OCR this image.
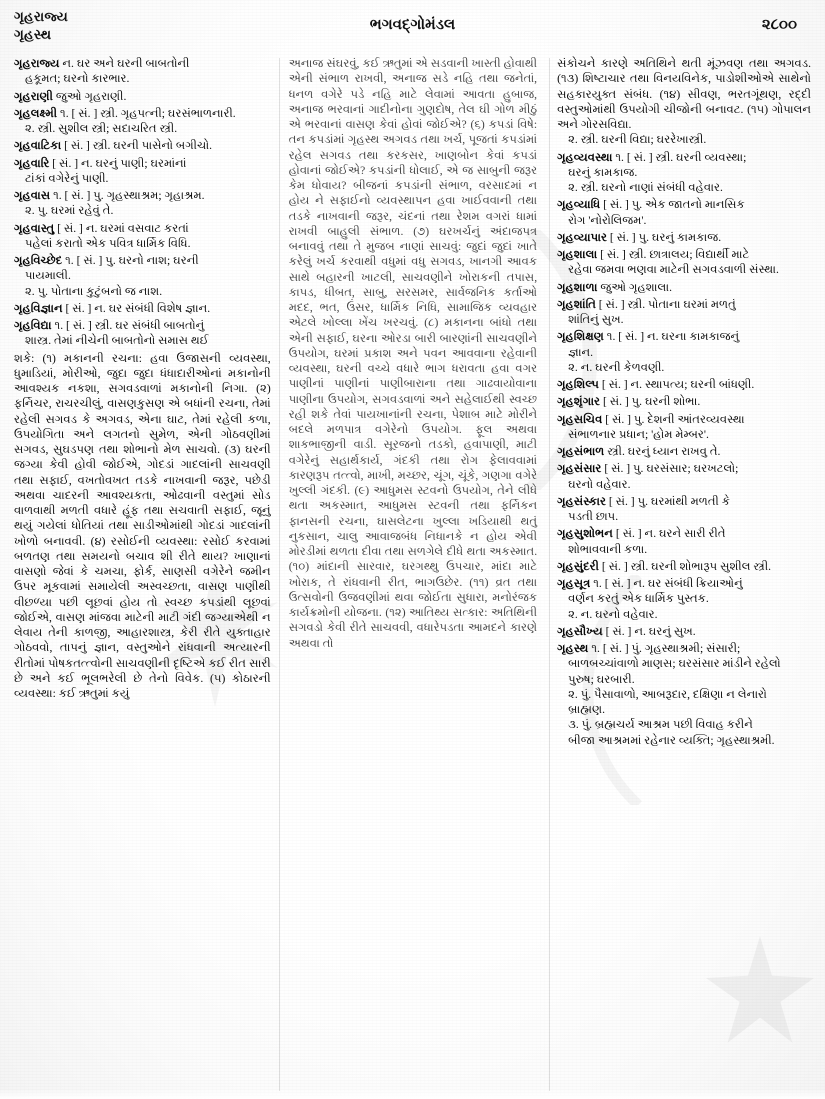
ગૃહરાજ્ય
ગૃહસ્થ
ભગવદ્ગોમંડલ	૨૮૦૦

ગૃહરાજ્ય ન. ઘર અને ઘરની બાબતોની

હકૂમત; ઘરનો કારભાર.

ગૃહરાણી જુઓ ગૃહરાણી.

ગૃહલક્ષ્મી ૧. [ સં. ] સ્ત્રી. ગૃહપત્ની; ઘરસંભાળનારી.

૨. સ્ત્રી. સુશીલ સ્ત્રી; સદાચરિત સ્ત્રી.

ગૃહવાટિકા [ સં. ] સ્ત્રી. ઘરની પાસેનો બગીચો.

ગૃહવારિ [ સં. ] ન. ઘરનું પાણી; ઘરમાંનાં

ટાંકાં વગેરેનું પાણી.

ગૃહવાસ ૧. [ સં. ] પુ. ગૃહસ્થાશ્રમ; ગૃહાશ્રમ.

૨. પુ. ઘરમાં રહેવું તે.

ગૃહવાસ્તુ [ સં. ] ન. ઘરમાં વસવાટ કરતાં

પહેલાં કરાતો એક પવિત્ર ધાર્મિક વિધિ.

ગૃહવિચ્છેદ ૧. [ સં. ] પુ. ઘરનો નાશ; ઘરની

પાયમાલી.

૨. પુ. પોતાના કુટુંબનો જ નાશ.

ગૃહવિજ્ઞાન [ સં. ] ન. ઘર સંબંધી વિશેષ જ્ઞાન.

ગૃહવિદ્યા ૧. [ સં. ] સ્ત્રી. ઘર સંબંધી બાબતોનું

શાસ્ત્ર. તેમાં નીચેની બાબતોનો સમાસ થઈ

શકે: (૧) મકાનની રચના: હવા ઉજાસની વ્યવસ્થા, ધુમાડિયાં, મોરીઓ, જુદા જુદા ધંધાદારીઓનાં મકાનોની આવશ્યક નકશા, સગવડવાળાં મકાનોની નિગા. (૨) ફર્નિચર, રાચરચીલું, વાસણકુસણ એ બધાંની રચના, તેમાં રહેલી સગવડ કે અગવડ, એના ઘાટ, તેમાં રહેલી કળા, ઉપયોગિતા અને લગતનો સુમેળ, એની ગોઠવણીમાં સગવડ, સુઘડપણ તથા શોભાનો મેળ સાચવો. (૩) ઘરની જગ્યા કેવી હોવી જોઈએ, ગોદડાં ગાદલાંની સાચવણી તથા સફાઈ, વખતોવખત તડકે નાખવાની જરૂર, પછેડી અથવા ચાદરની આવશ્યકતા, ઓઢવાની વસ્તુમાં સોડ વાળવાથી મળતી વધારે હૂંફ તથા સચવાતી સફાઈ, જૂનું થયું ગયેલાં ધોતિયાં તથા સાડીઓમાંથી ગોદડાં ગાદલાંની ખોળો બનાવવી. (૪) રસોઈની વ્યવસ્થા: રસોઈ કરવામાં બળતણ તથા સમયનો બચાવ શી રીતે થાય? ખાણાનાં વાસણો જેવાં કે ચમચા, ફોર્ક, સાણસી વગેરેને જમીન ઉપર મૂકવામાં સમાયેલી અસ્વચ્છતા, વાસણ પાણીથી વીછળ્યા પછી લૂછવાં હોય તો સ્વચ્છ કપડાંથી લૂછવાં જોઈએ, વાસણ માંજવા માટેની માટી ગંદી જગ્યાએથી ન લેવાય તેની કાળજી, આહારશાસ્ત્ર, કેરી રીતે યુક્તાહાર ગોઠવવો, તાપનું જ્ઞાન, વસ્તુઓને રાંધવાની અત્યારની રીતોમાં પોષકતત્ત્વોની સાચવણીની દૃષ્ટિએ કઈ રીત સારી છે અને કઈ ભૂલભરેલી છે તેનો વિવેક. (૫) કોઠારની વ્યવસ્થા: કઈ ઋતુમાં કયું

અનાજ સંઘરવું, કઈ ઋતુમાં એ સડવાની ખાસ્તી હોવાથી એની સંભાળ રાખવી, અનાજ સડે નહિ તથા જનેતાં, ધનળ વગેરે પડે નહિ માટે લેવામાં આવતા હુબાજ, અનાજ ભરવાનાં ગાદીનોના ગુણદોષ, તેલ ઘી ગોળ મીઠું એ ભરવાનાં વાસણ કેવાં હોવાં જોઈએ? (૬) કપડાં વિષે: તન કપડાંમાં ગૃહસ્થ અગવડ તથા ખર્ચ, પૂજતાં કપડાંમાં રહેલ સગવડ તથા કરકસર, ખાણબોન કેવાં કપડાં હોવાનાં જોઈએ? કપડાંની ધોલાઈ, એ જ સાબુની જરૂર કેમ ધોવાય? બીજનાં કપડાંની સંભાળ, વરસાદમાં ન હોય ને સફાઈનો વ્યવસ્થાપન હવા ખાઈવવાની તથા તડકે નાખવાની જરૂર, ચંદનાં તથા રેશમ વગરાં ધામાં રાખવી બાહુલી સંભાળ. (૭) ઘરખર્ચનું અંદાજપત્ર બનાવવું તથા તે મુજબ નાણાં સાચવું: જુદાં જુદાં ખાતે કરેલું ખર્ચ કરવાથી વધુમાં વધુ સગવડ, ખાનગી આવક સાથે બહારની ખાટલી, સાચવણીને ખોરાકની તપાસ, કાપડ, ધીબત, સાબુ, સરસમર, સાર્વજનિક કર્તાઓ મદદ, ભત, ઉંસર, ધાર્મિક નિધિ, સામાજિક વ્યવહાર એટલે ખોલ્લા ખેંચ ખરચવું. (૮) મકાનના બાંધો તથા એની સફાઈ, ઘરના ઓરડા બારી બારણાંની સાચવણીને ઉપયોગ, ઘરમાં પ્રકાશ અને પવન આવવાના રહેવાની વ્યવસ્થા, ઘરની વચ્ચે વધારે ભાગ ધરાવતા હવા વગર પાણીનાં પાણીનાં પાણીબારાના તથા ગાઢવાયોવાના પાણીના ઉપયોગ, સગવડવાળાં અને સહેલાઈથી સ્વચ્છ રહી શકે તેવાં પાયખાનાંની રચના, પેશાબ માટે મોરીને બદલે મળપાત્ર વગેરેનો ઉપયોગ. ફૂલ અથવા શાકભાજીની વાડી. સૂરજનો તડકો, હવાપાણી, માટી વગેરેનું સહાર્થકાર્ય, ગંદકી તથા રોગ ફેલાવવામાં કારણરૂપ તત્ત્વો, માખી, મચ્છર, ચૂંગ, ચૂંકે, ગણગા વગેરે ખુલ્લી ગંદકી. (૯) આધુમસ સ્ટવનો ઉપયોગ, તેને લીધે થતા અકસ્માત, આધુમસ સ્ટવની તથા ફર્નિકન ફાનસની રચના, ઘાસલેટના ખુલ્લા ખડિયાથી થતું નુકસાન, ચાલુ આવાજબંધ નિધાનકે ન હોય એવી મોરડીમાં થળતા દીવા તથા સળગેલે દીધે થતા અકસ્માત. (૧૦) માંદાની સારવાર, ઘરગથ્થુ ઉપચાર, માંદા માટે ખોરાક, તે રાંધવાની રીત, ભાગઉછેર. (૧૧) વ્રત તથા ઉત્સવોની ઉજવણીમાં થવા જોઈતા સુધારા, મનોરંજક કાર્યક્રમોની યોજના. (૧૨) આતિથ્ય સત્કાર: અતિથિની સગવડો કેવી રીતે સાચવવી, વધારેપડતા આમદને કારણે અથવા તો

સંકોચને કારણે અતિથિને થતી મૂંઝવણ તથા અગવડ. (૧૩) શિષ્ટાચાર તથા વિનયવિનેક, પાડોશીઓએ સાથેનો સહકારયુક્ત સંબંધ. (૧૪) સીવણ, ભરતગૂંથણ, રદ્દી વસ્તુઓમાંથી ઉપયોગી ચીજોની બનાવટ. (૧૫) ગોપાલન અને ગોરસવિદ્યા.

૨. સ્ત્રી. ઘરની વિદ્યા; ઘરરેખાસ્ત્રી.

ગૃહવ્યવસ્થા ૧. [ સં. ] સ્ત્રી. ઘરની વ્યવસ્થા;

ઘરનું કામકાજ.

૨. સ્ત્રી. ઘરનો નાણાં સંબંધી વહેવાર.

ગૃહવ્યાધિ [ સં. ] પુ. એક જાતનો માનસિક

રોગ 'નોરોલિજમ'.

ગૃહવ્યાપાર [ સં. ] પુ. ઘરનું કામકાજ.

ગૃહશાલા [ સં. ] સ્ત્રી. છાત્રાલય; વિદ્યાર્થી માટે

રહેવા જમવા ભણવા માટેની સગવડવાળી સંસ્થા.

ગૃહશાળા જુઓ ગૃહશાલા.

ગૃહશાંતિ [ સં. ] સ્ત્રી. પોતાના ઘરમાં મળતું

શાંતિનું સુખ.

ગૃહશિક્ષણ ૧. [ સં. ] ન. ઘરના કામકાજનું

જ્ઞાન.

૨. ન. ઘરની કેળવણી.

ગૃહશિલ્પ [ સં. ] ન. સ્થાપત્ય; ઘરની બાંધણી.

ગૃહશૃંગાર [ સં. ] પુ. ઘરની શોભા.

ગૃહસચિવ [ સં. ] પુ. દેશની આંતરવ્યવસ્થા

સંભાળનાર પ્રધાન; 'હોમ મેમ્બર'.

ગૃહસંભાળ સ્ત્રી. ઘરનું ધ્યાન રાખવુ તે.

ગૃહસંસાર [ સં. ] પુ. ઘરસંસાર; ઘરખટલો;

ઘરનો વહેવાર.

ગૃહસંસ્કાર [ સં. ] પુ. ઘરમાંથી મળતી કે

પડતી છાપ.

ગૃહસુશોભન [ સં. ] ન. ઘરને સારી રીતે

શોભાવવાની કળા.

ગૃહસુંદરી [ સં. ] સ્ત્રી. ઘરની શોભારૂપ સુશીલ સ્ત્રી.

ગૃહસૂત્ર ૧. [ સં. ] ન. ઘર સંબંધી ક્રિયાઓનું

વર્ણન કરતું એક ધાર્મિક પુસ્તક.

૨. ન. ઘરનો વહેવાર.

ગૃહસૌખ્ય [ સં. ] ન. ઘરનું સુખ.

ગૃહસ્થ ૧. [ સં. ] પું. ગૃહસ્થાશ્રમી; સંસારી;

બાળબચ્ચાંવાળો માણસ; ઘરસંસાર માંડીને રહેલો

પુરુષ; ઘરબારી.

૨. પું. પૈસાવાળો, આબરૂદાર, દક્ષિણા ન લેનારો

બ્રાહ્મણ.

૩. પું. બ્રહ્મચર્ય આશ્રમ પછી વિવાહ કરીને

બીજા આશ્રમમાં રહેનાર વ્યક્તિ; ગૃહસ્થાશ્રમી.
